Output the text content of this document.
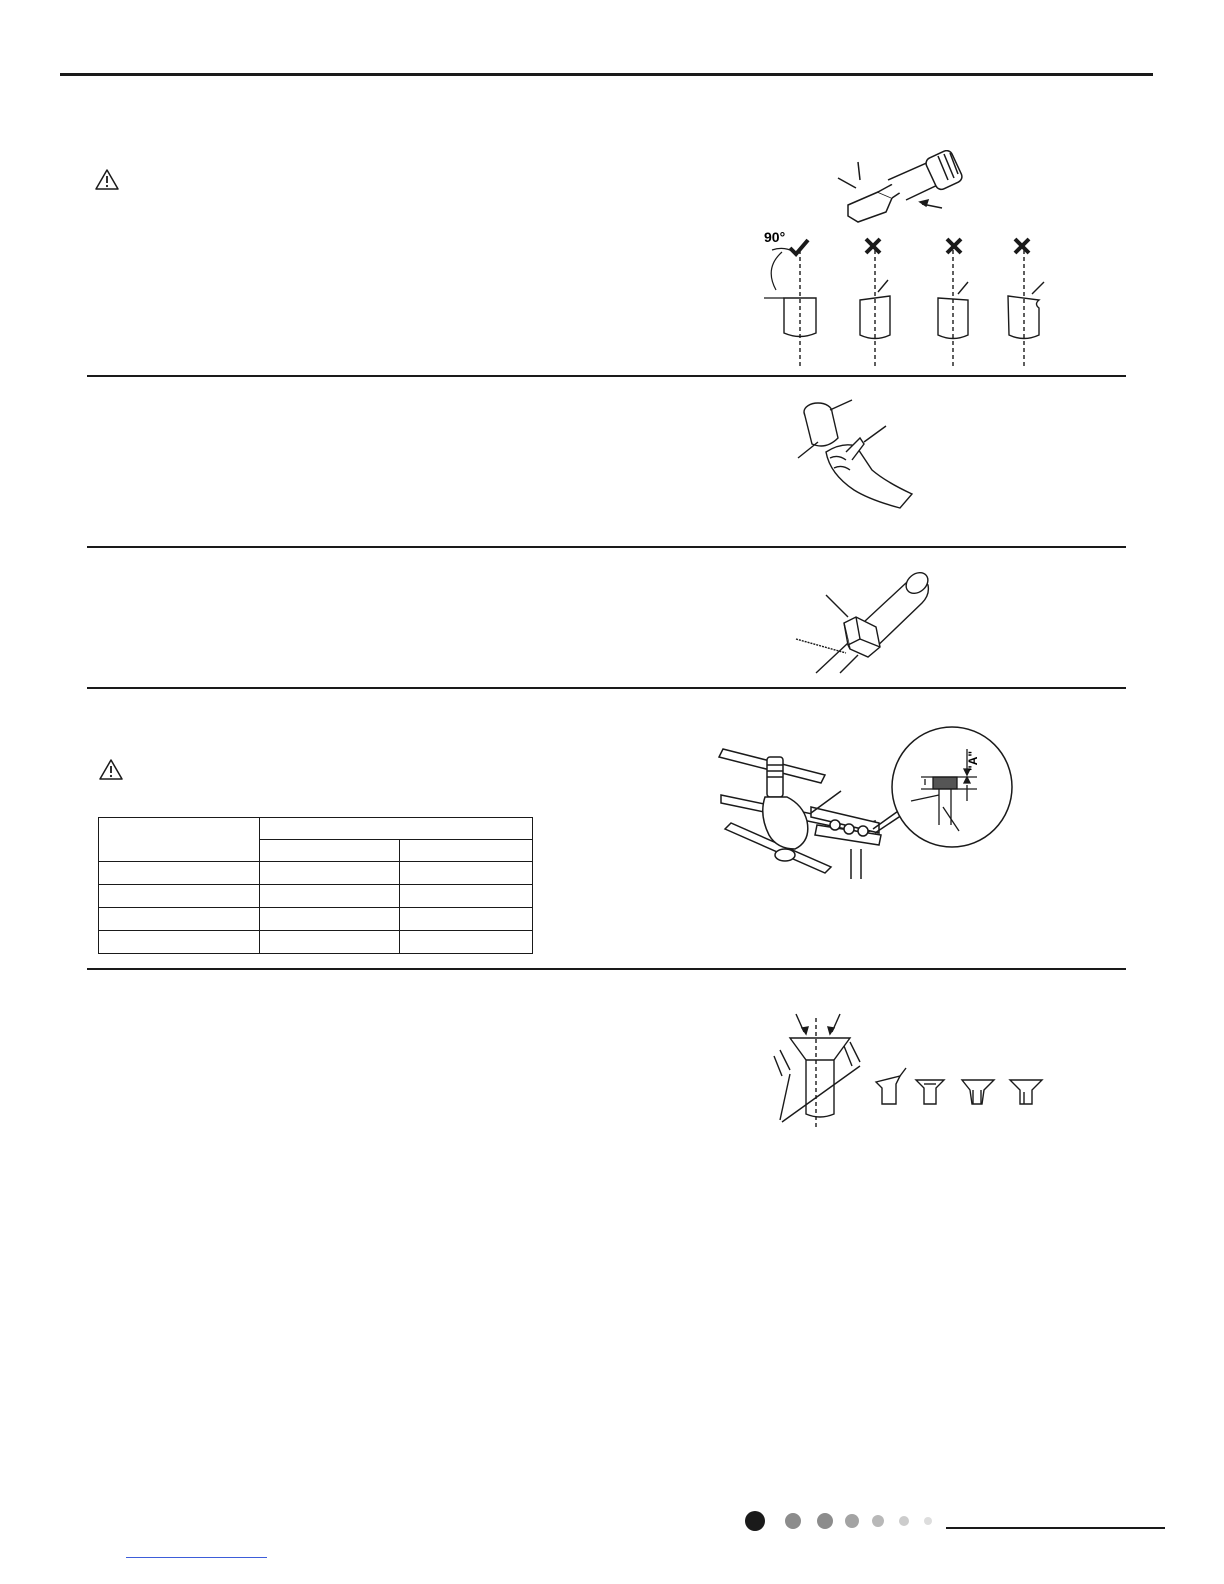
90°

"A"
